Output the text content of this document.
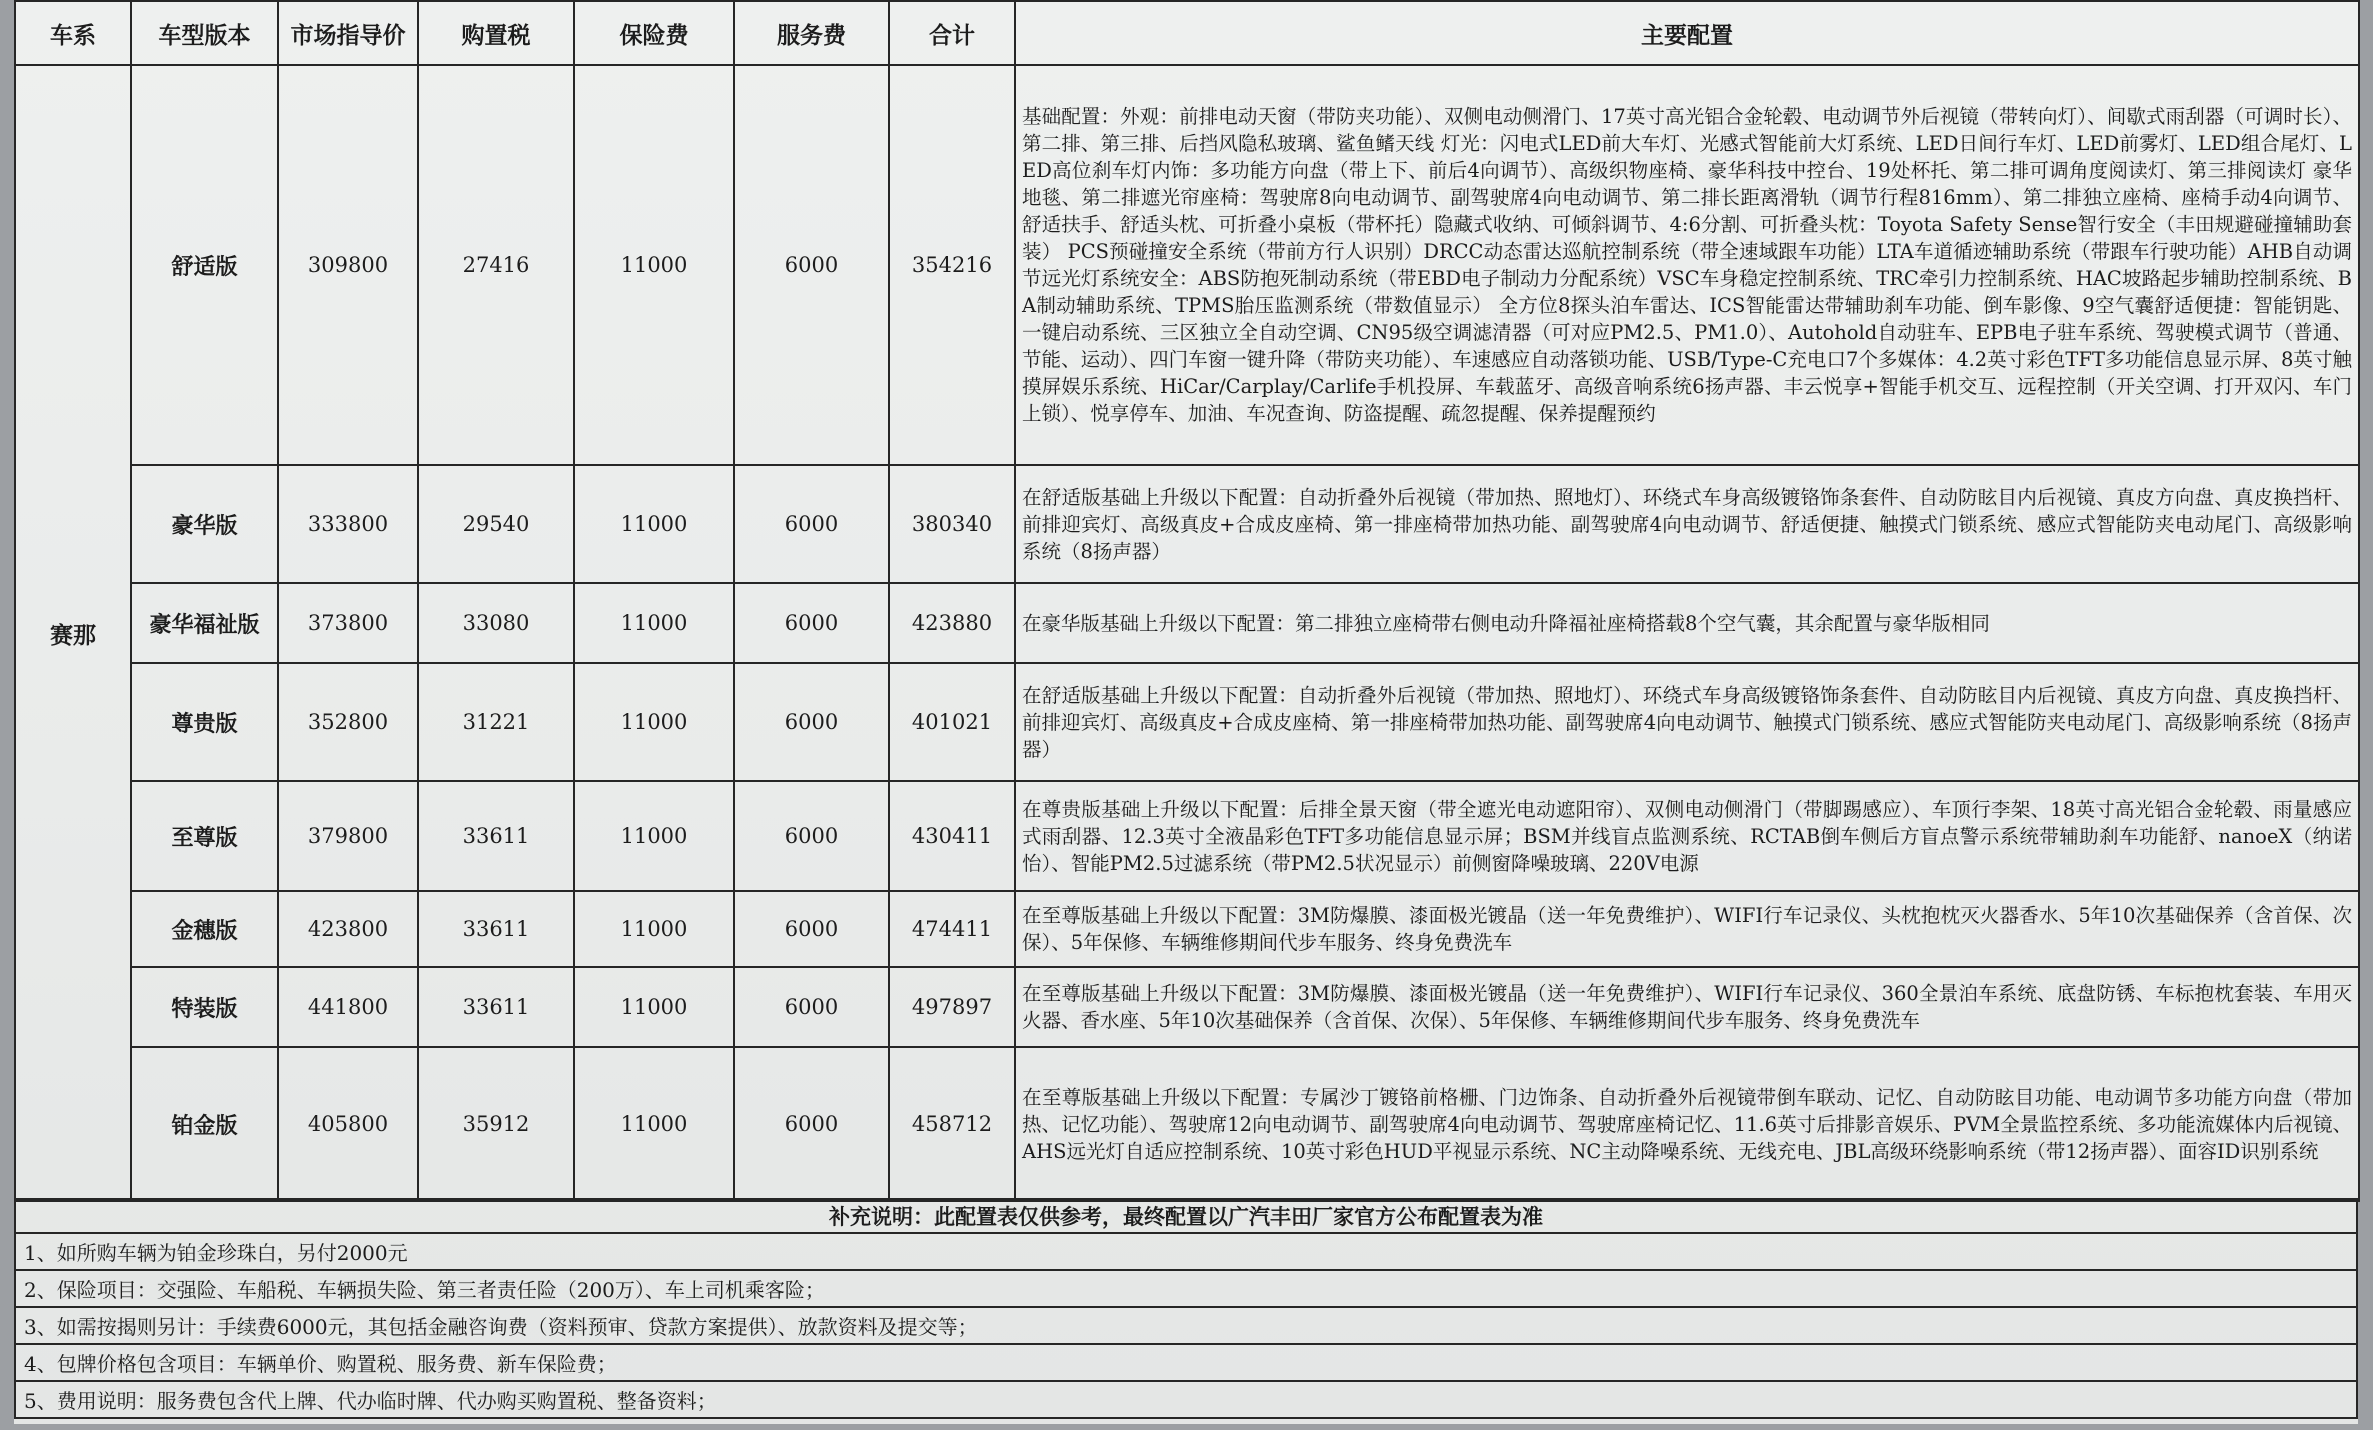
车系	车型版本	市场指导价	购置税	保险费	服务费	合计	主要配置
赛那	舒适版	309800	27416	11000	6000	354216	基础配置：外观：前排电动天窗（带防夹功能）、双侧电动侧滑门、17英寸高光铝合金轮毂、电动调节外后视镜（带转向灯）、间歇式雨刮器（可调时长）、第二排、第三排、后挡风隐私玻璃、鲨鱼鳍天线 灯光：闪电式LED前大车灯、光感式智能前大灯系统、LED日间行车灯、LED前雾灯、LED组合尾灯、LED高位刹车灯内饰：多功能方向盘（带上下、前后4向调节）、高级织物座椅、豪华科技中控台、19处杯托、第二排可调角度阅读灯、第三排阅读灯 豪华地毯、第二排遮光帘座椅：驾驶席8向电动调节、副驾驶席4向电动调节、第二排长距离滑轨（调节行程816mm）、第二排独立座椅、座椅手动4向调节、舒适扶手、舒适头枕、可折叠小桌板（带杯托）隐藏式收纳、可倾斜调节、4:6分割、可折叠头枕：Toyota Safety Sense智行安全（丰田规避碰撞辅助套装） PCS预碰撞安全系统（带前方行人识别）DRCC动态雷达巡航控制系统（带全速域跟车功能）LTA车道循迹辅助系统（带跟车行驶功能）AHB自动调节远光灯系统安全：ABS防抱死制动系统（带EBD电子制动力分配系统）VSC车身稳定控制系统、TRC牵引力控制系统、HAC坡路起步辅助控制系统、BA制动辅助系统、TPMS胎压监测系统（带数值显示） 全方位8探头泊车雷达、ICS智能雷达带辅助刹车功能、倒车影像、9空气囊舒适便捷：智能钥匙、一键启动系统、三区独立全自动空调、CN95级空调滤清器（可对应PM2.5、PM1.0）、Autohold自动驻车、EPB电子驻车系统、驾驶模式调节（普通、节能、运动）、四门车窗一键升降（带防夹功能）、车速感应自动落锁功能、USB/Type-C充电口7个多媒体：4.2英寸彩色TFT多功能信息显示屏、8英寸触摸屏娱乐系统、HiCar/Carplay/Carlife手机投屏、车载蓝牙、高级音响系统6扬声器、丰云悦享+智能手机交互、远程控制（开关空调、打开双闪、车门上锁）、悦享停车、加油、车况查询、防盗提醒、疏忽提醒、保养提醒预约
	豪华版	333800	29540	11000	6000	380340	在舒适版基础上升级以下配置：自动折叠外后视镜（带加热、照地灯）、环绕式车身高级镀铬饰条套件、自动防眩目内后视镜、真皮方向盘、真皮换挡杆、前排迎宾灯、高级真皮+合成皮座椅、第一排座椅带加热功能、副驾驶席4向电动调节、舒适便捷、触摸式门锁系统、感应式智能防夹电动尾门、高级影响系统（8扬声器）
	豪华福祉版	373800	33080	11000	6000	423880	在豪华版基础上升级以下配置：第二排独立座椅带右侧电动升降福祉座椅搭载8个空气囊，其余配置与豪华版相同
	尊贵版	352800	31221	11000	6000	401021	在舒适版基础上升级以下配置：自动折叠外后视镜（带加热、照地灯）、环绕式车身高级镀铬饰条套件、自动防眩目内后视镜、真皮方向盘、真皮换挡杆、前排迎宾灯、高级真皮+合成皮座椅、第一排座椅带加热功能、副驾驶席4向电动调节、触摸式门锁系统、感应式智能防夹电动尾门、高级影响系统（8扬声器）
	至尊版	379800	33611	11000	6000	430411	在尊贵版基础上升级以下配置：后排全景天窗（带全遮光电动遮阳帘）、双侧电动侧滑门（带脚踢感应）、车顶行李架、18英寸高光铝合金轮毂、雨量感应式雨刮器、12.3英寸全液晶彩色TFT多功能信息显示屏；BSM并线盲点监测系统、RCTAB倒车侧后方盲点警示系统带辅助刹车功能舒、nanoeX（纳诺怡）、智能PM2.5过滤系统（带PM2.5状况显示）前侧窗降噪玻璃、220V电源
	金穗版	423800	33611	11000	6000	474411	在至尊版基础上升级以下配置：3M防爆膜、漆面极光镀晶（送一年免费维护）、WIFI行车记录仪、头枕抱枕灭火器香水、5年10次基础保养（含首保、次保）、5年保修、车辆维修期间代步车服务、终身免费洗车
	特装版	441800	33611	11000	6000	497897	在至尊版基础上升级以下配置：3M防爆膜、漆面极光镀晶（送一年免费维护）、WIFI行车记录仪、360全景泊车系统、底盘防锈、车标抱枕套装、车用灭火器、香水座、5年10次基础保养（含首保、次保）、5年保修、车辆维修期间代步车服务、终身免费洗车
	铂金版	405800	35912	11000	6000	458712	在至尊版基础上升级以下配置：专属沙丁镀铬前格栅、门边饰条、自动折叠外后视镜带倒车联动、记忆、自动防眩目功能、电动调节多功能方向盘（带加热、记忆功能）、驾驶席12向电动调节、副驾驶席4向电动调节、驾驶席座椅记忆、11.6英寸后排影音娱乐、PVM全景监控系统、多功能流媒体内后视镜、AHS远光灯自适应控制系统、10英寸彩色HUD平视显示系统、NC主动降噪系统、无线充电、JBL高级环绕影响系统（带12扬声器）、面容ID识别系统
补充说明：此配置表仅供参考，最终配置以广汽丰田厂家官方公布配置表为准
1、如所购车辆为铂金珍珠白，另付2000元
2、保险项目：交强险、车船税、车辆损失险、第三者责任险（200万）、车上司机乘客险；
3、如需按揭则另计：手续费6000元，其包括金融咨询费（资料预审、贷款方案提供）、放款资料及提交等；
4、包牌价格包含项目：车辆单价、购置税、服务费、新车保险费；
5、费用说明：服务费包含代上牌、代办临时牌、代办购买购置税、整备资料；
